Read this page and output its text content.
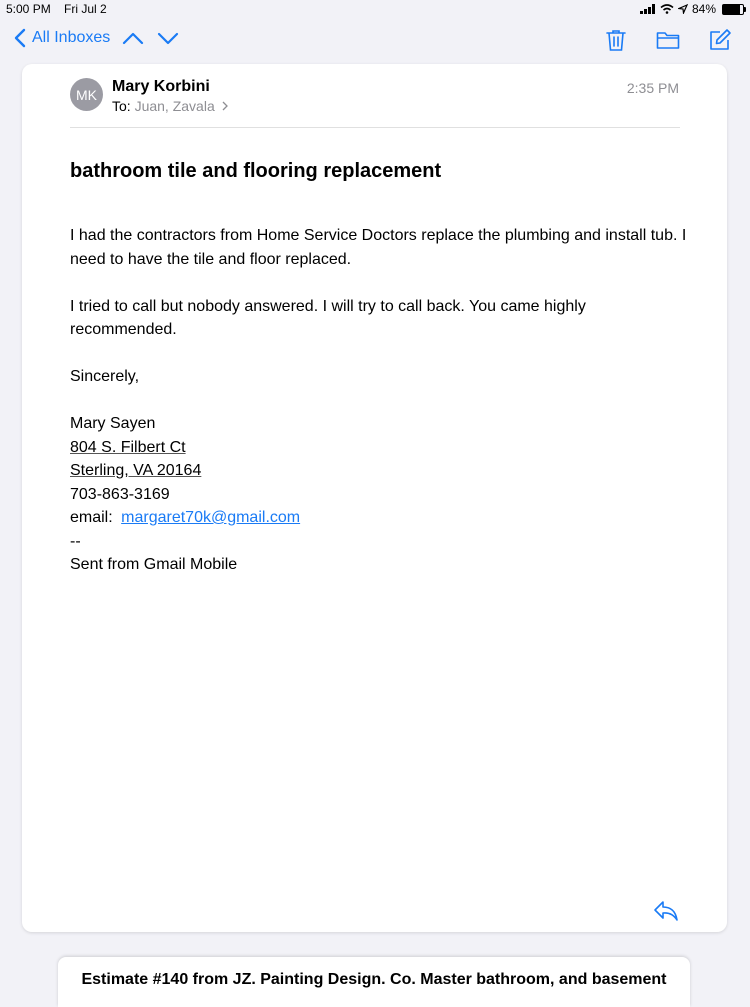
5:00 PM Fri Jul 2	84%
All Inboxes
MK Mary Korbini
To: Juan, Zavala
2:35 PM
bathroom tile and flooring replacement

I had the contractors from Home Service Doctors replace the plumbing and install tub. I need to have the tile and floor replaced.

I tried to call but nobody answered. I will try to call back. You came highly recommended.

Sincerely,

Mary Sayen

804 S. Filbert Ct

Sterling, VA 20164

703-863-3169

email: margaret70k@gmail.com

--

Sent from Gmail Mobile

Estimate #140 from JZ. Painting Design. Co. Master bathroom, and basement
